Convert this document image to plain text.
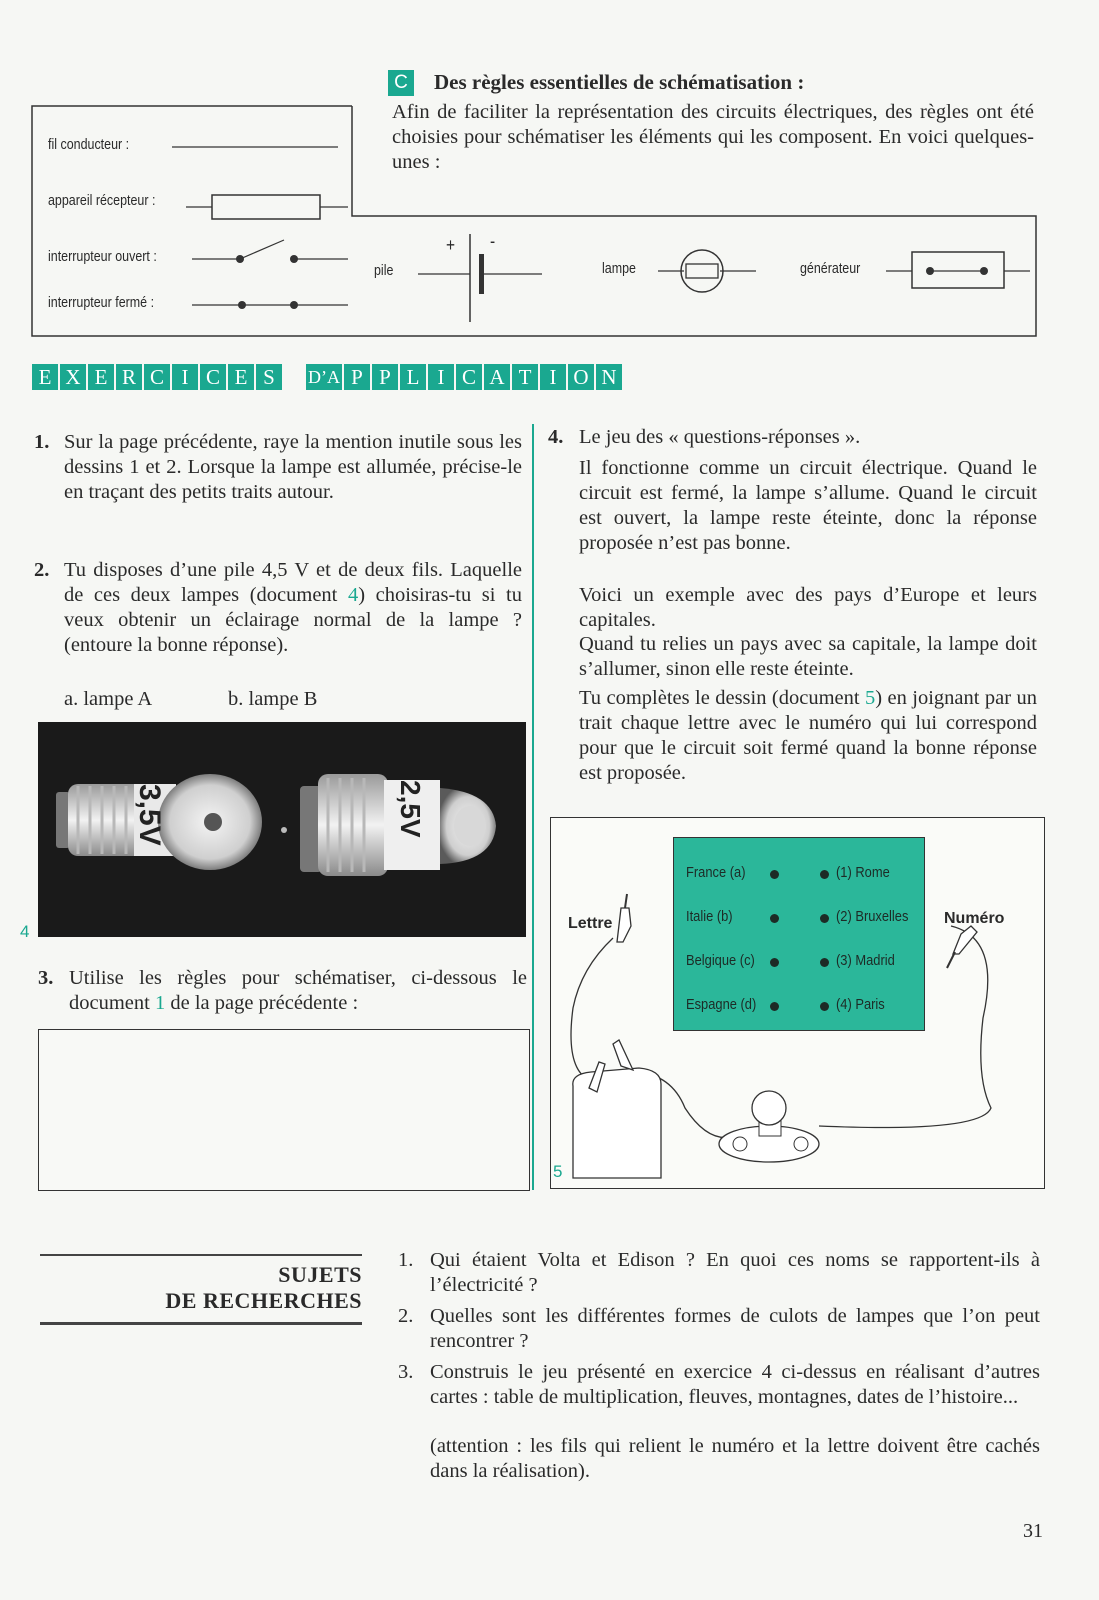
C Des règles essentielles de schématisation :
Afin de faciliter la représentation des circuits électriques, des règles ont été choisies pour schématiser les éléments qui les composent. En voici quelques-unes :
fil conducteur :
appareil récepteur :
interrupteur ouvert :
interrupteur fermé :
pile
+ -
lampe	générateur
E X E R C I C E S	D’A P P L I C A T I O N
1. Sur la page précédente, raye la mention inutile sous les dessins 1 et 2. Lorsque la lampe est allumée, précise-le en traçant des petits traits autour.
2. Tu disposes d’une pile 4,5 V et de deux fils. Laquelle de ces deux lampes (document 4) choisiras-tu si tu veux obtenir un éclairage normal de la lampe ? (entoure la bonne réponse).
a. lampe A	b. lampe B
3,5V	2,5V
4
3. Utilise les règles pour schématiser, ci-dessous le document 1 de la page précédente :
4. Le jeu des « questions-réponses ».
Il fonctionne comme un circuit électrique. Quand le circuit est fermé, la lampe s’allume. Quand le circuit est ouvert, la lampe reste éteinte, donc la réponse proposée n’est pas bonne.
Voici un exemple avec des pays d’Europe et leurs capitales.
Quand tu relies un pays avec sa capitale, la lampe doit s’allumer, sinon elle reste éteinte.
Tu complètes le dessin (document 5) en joignant par un trait chaque lettre avec le numéro qui lui correspond pour que le circuit soit fermé quand la bonne réponse est proposée.
France (a)
Italie (b)
Belgique (c)
Espagne (d)
(1) Rome
(2) Bruxelles
(3) Madrid
(4) Paris
Lettre	Numéro
5
SUJETS
DE RECHERCHES
1. Qui étaient Volta et Edison ? En quoi ces noms se rapportent-ils à l’électricité ?
2. Quelles sont les différentes formes de culots de lampes que l’on peut rencontrer ?
3. Construis le jeu présenté en exercice 4 ci-dessus en réalisant d’autres cartes : table de multiplication, fleuves, montagnes, dates de l’histoire...
(attention : les fils qui relient le numéro et la lettre doivent être cachés dans la réalisation).
31
